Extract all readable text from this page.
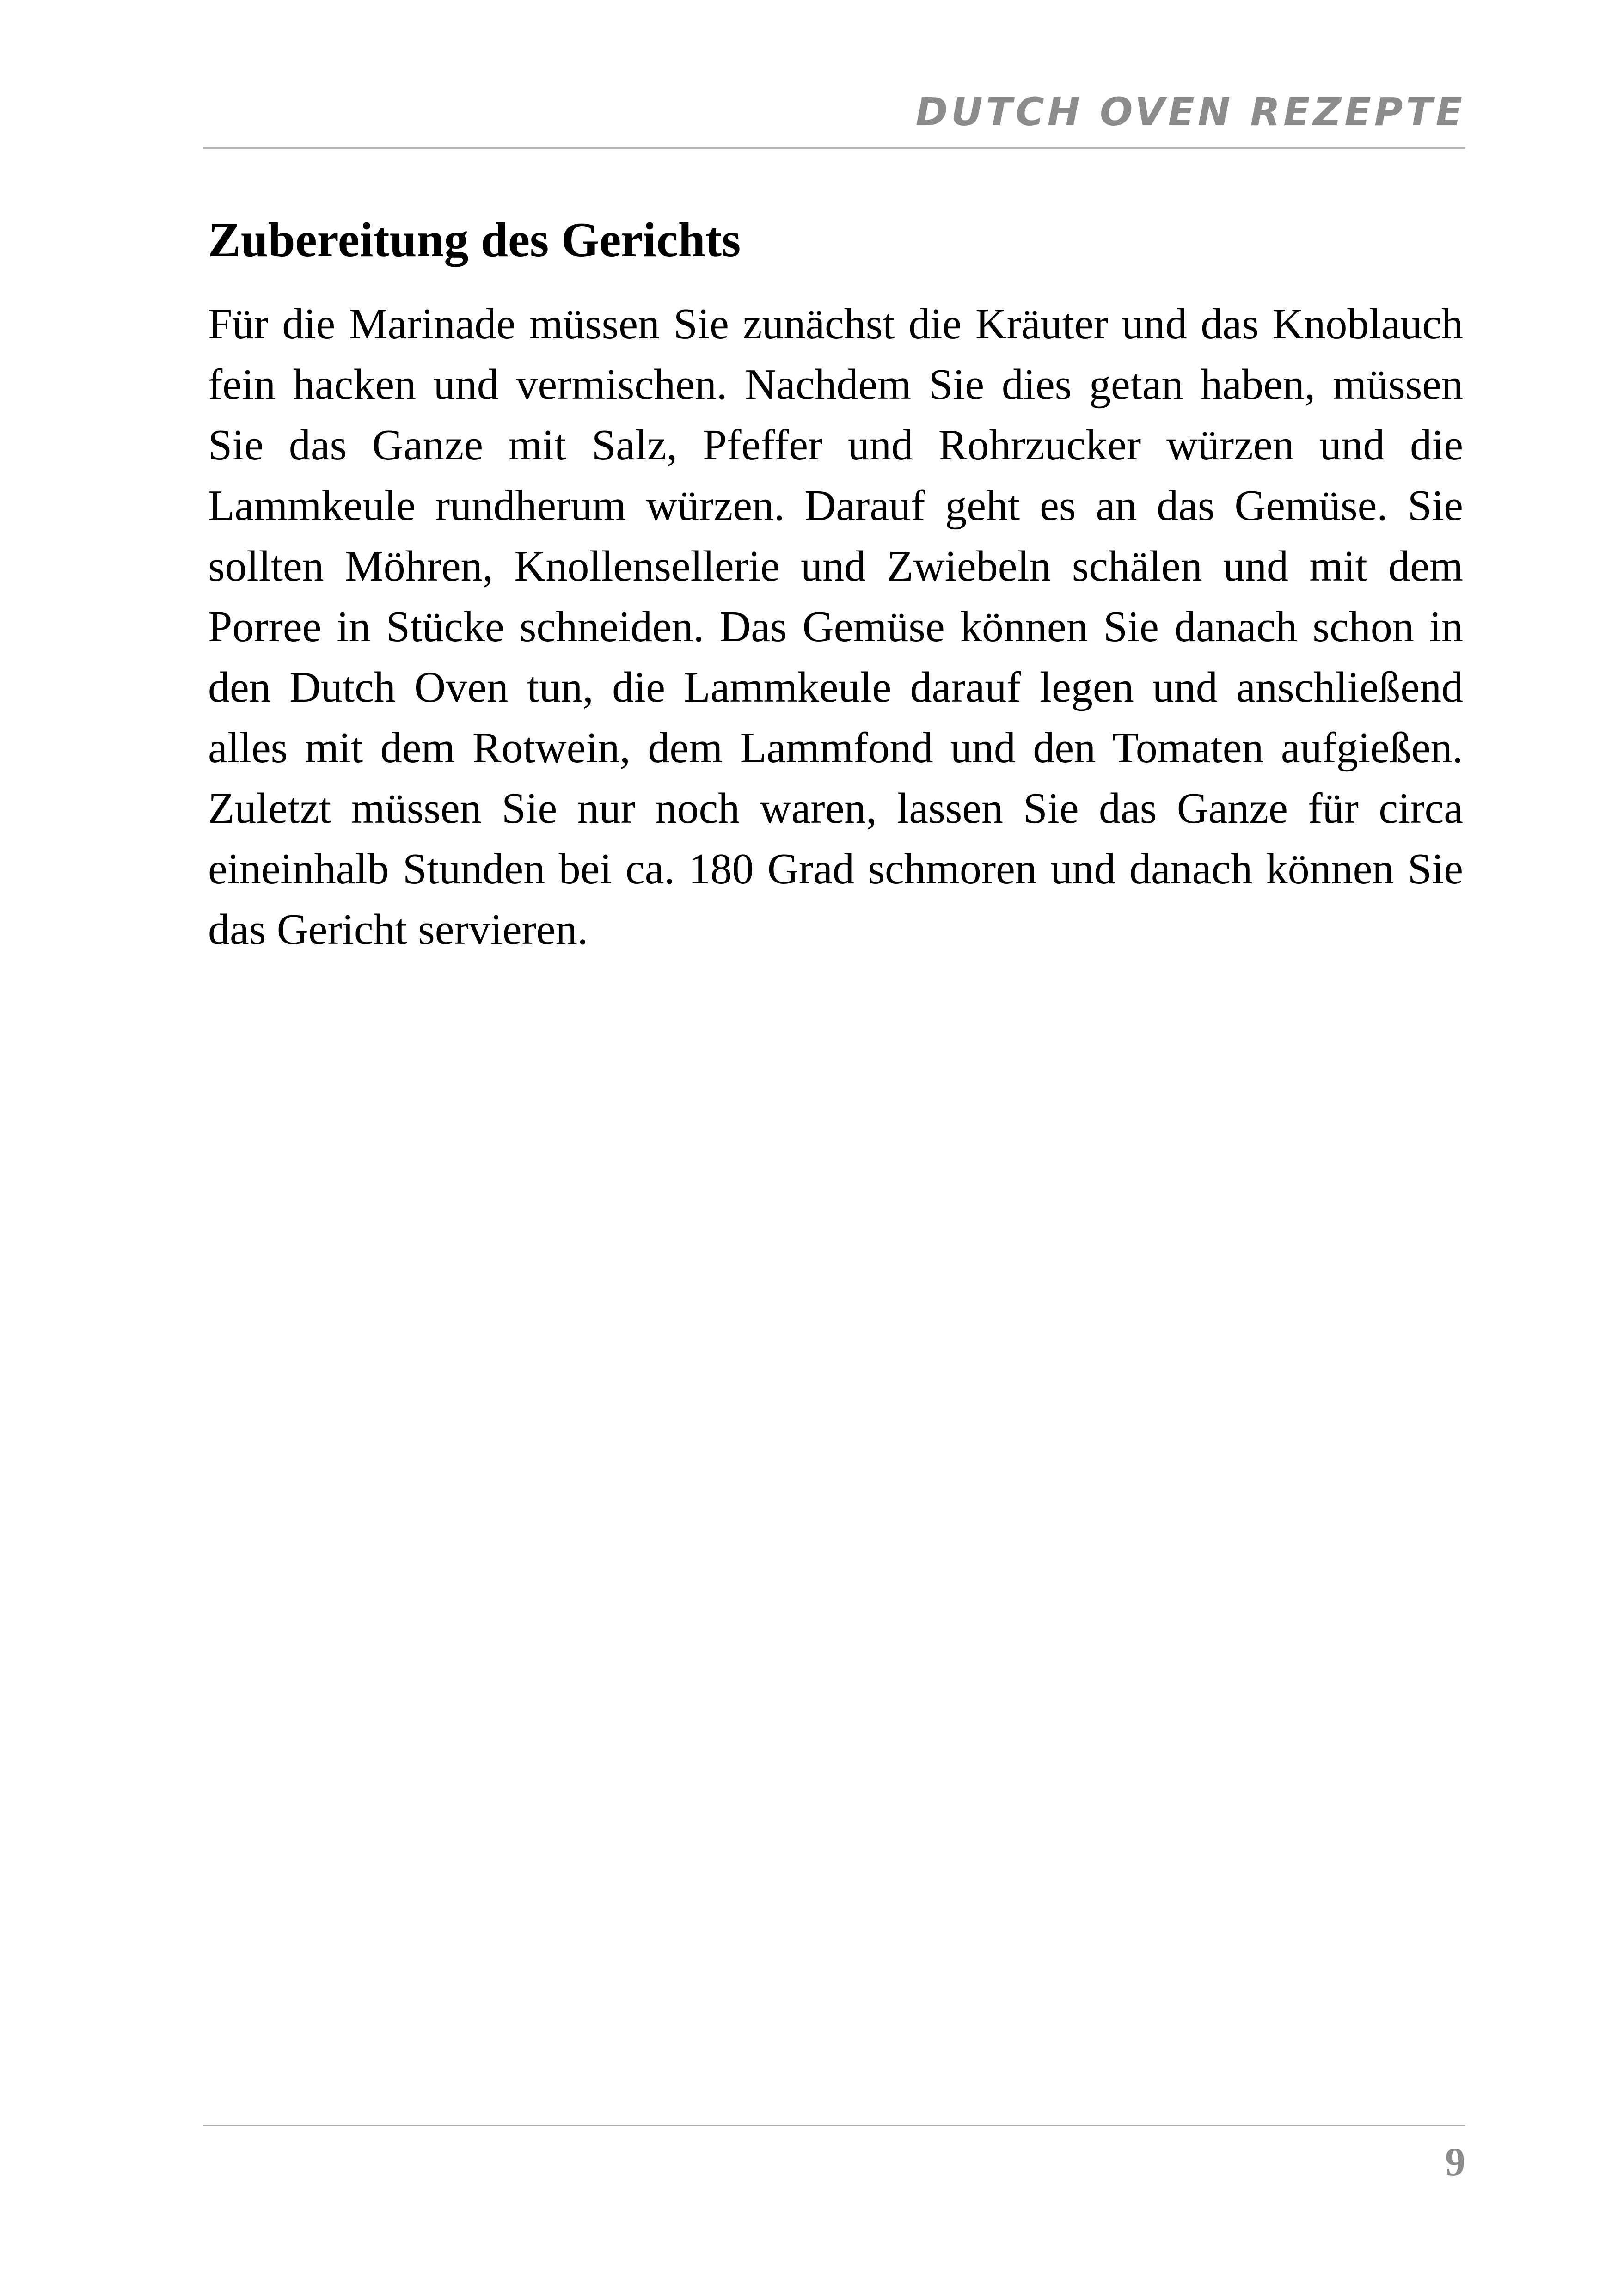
DUTCH OVEN REZEPTE
Zubereitung des Gerichts

Für die Marinade müssen Sie zunächst die Kräuter und das Knoblauch fein hacken und vermischen. Nachdem Sie dies getan haben, müssen Sie das Ganze mit Salz, Pfeffer und Rohrzucker würzen und die Lammkeule rundherum würzen. Darauf geht es an das Gemüse. Sie sollten Möhren, Knollensellerie und Zwiebeln schälen und mit dem Porree in Stücke schneiden. Das Gemüse können Sie danach schon in den Dutch Oven tun, die Lammkeule darauf legen und anschließend alles mit dem Rotwein, dem Lammfond und den Tomaten aufgießen. Zuletzt müssen Sie nur noch waren, lassen Sie das Ganze für circa eineinhalb Stunden bei ca. 180 Grad schmoren und danach können Sie das Gericht servieren.

9
